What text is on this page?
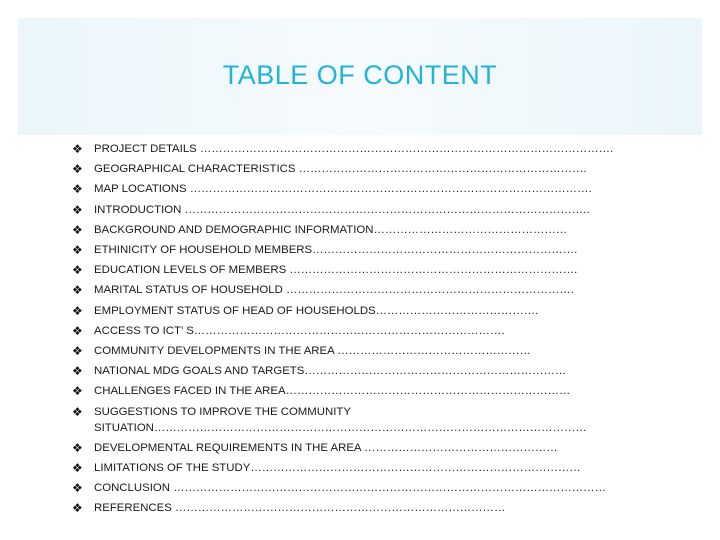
TABLE OF CONTENT
❖ PROJECT DETAILS ……………………………………………………………………………………………….
❖ GEOGRAPHICAL CHARACTERISTICS ………………………………………………………………….
❖ MAP LOCATIONS …………………………………………………………………………………………….
❖ INTRODUCTION ……………………………………………………………………………………………..
❖ BACKGROUND AND DEMOGRAPHIC INFORMATION……………………………………………
❖ ETHINICITY OF HOUSEHOLD MEMBERS…………………………………………………………….
❖ EDUCATION LEVELS OF MEMBERS ………………………………………………………………….
❖ MARITAL STATUS OF HOUSEHOLD ………………………………………………………………….
❖ EMPLOYMENT STATUS OF HEAD OF HOUSEHOLDS…………………………………….
❖ ACCESS TO ICT’ S……………………………………………………………………….
❖ COMMUNITY DEVELOPMENTS IN THE AREA ……………………………………………
❖ NATIONAL MDG GOALS AND TARGETS……………………………………………………………
❖ CHALLENGES FACED IN THE AREA…………………………………………………………………
❖ SUGGESTIONS TO IMPROVE THE COMMUNITY SITUATION……………………………………………………………………………………………………
❖ DEVELOPMENTAL REQUIREMENTS IN THE AREA ……………………………………………
❖ LIMITATIONS OF THE STUDY……………………………………………………………………………
❖ CONCLUSION ……………………………………………………………………………………………………
❖ REFERENCES ……………………………………………………………………………
